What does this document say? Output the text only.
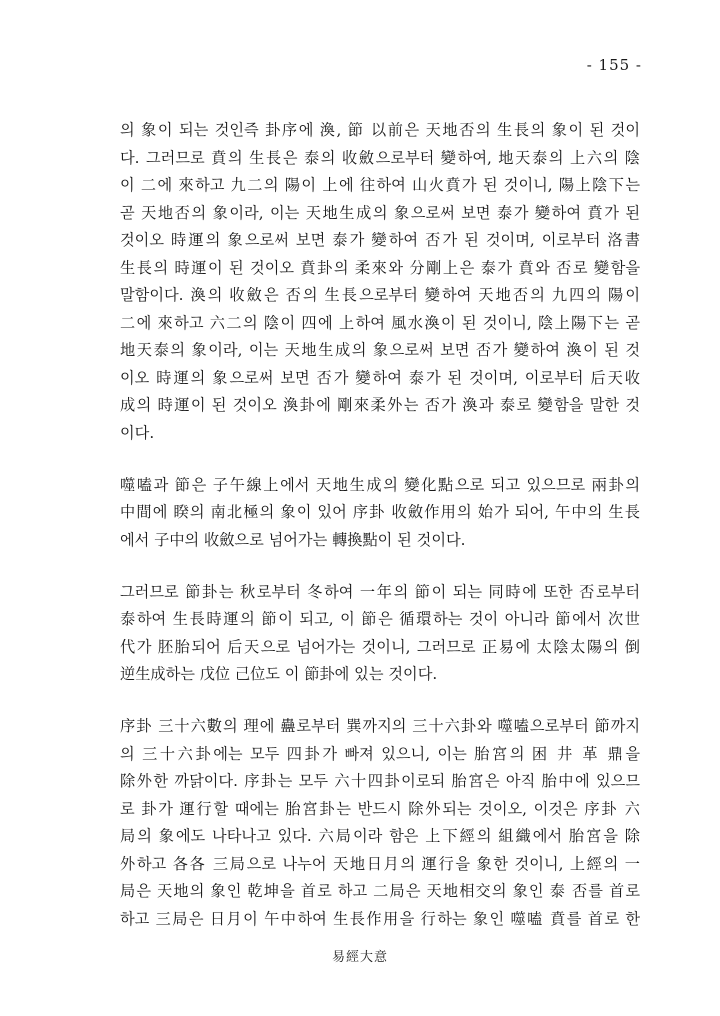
- 155 -
의 象이 되는 것인즉 卦序에 渙, 節 以前은 天地否의 生長의 象이 된 것이
다. 그러므로 賁의 生長은 泰의 收斂으로부터 變하여, 地天泰의 上六의 陰
이 二에 來하고 九二의 陽이 上에 往하여 山火賁가 된 것이니, 陽上陰下는
곧 天地否의 象이라, 이는 天地生成의 象으로써 보면 泰가 變하여 賁가 된
것이오 時運의 象으로써 보면 泰가 變하여 否가 된 것이며, 이로부터 洛書
生長의 時運이 된 것이오 賁卦의 柔來와 分剛上은 泰가 賁와 否로 變함을
말함이다. 渙의 收斂은 否의 生長으로부터 變하여 天地否의 九四의 陽이
二에 來하고 六二의 陰이 四에 上하여 風水渙이 된 것이니, 陰上陽下는 곧
地天泰의 象이라, 이는 天地生成의 象으로써 보면 否가 變하여 渙이 된 것
이오 時運의 象으로써 보면 否가 變하여 泰가 된 것이며, 이로부터 后天收
成의 時運이 된 것이오 渙卦에 剛來柔外는 否가 渙과 泰로 變함을 말한 것
이다.
噬嗑과 節은 子午線上에서 天地生成의 變化點으로 되고 있으므로 兩卦의
中間에 睽의 南北極의 象이 있어 序卦 收斂作用의 始가 되어, 午中의 生長
에서 子中의 收斂으로 넘어가는 轉換點이 된 것이다.
그러므로 節卦는 秋로부터 冬하여 一年의 節이 되는 同時에 또한 否로부터
泰하여 生長時運의 節이 되고, 이 節은 循環하는 것이 아니라 節에서 次世
代가 胚胎되어 后天으로 넘어가는 것이니, 그러므로 正易에 太陰太陽의 倒
逆生成하는 戊位 己位도 이 節卦에 있는 것이다.
序卦 三十六數의 理에 蠱로부터 巽까지의 三十六卦와 噬嗑으로부터 節까지
의 三十六卦에는 모두 四卦가 빠져 있으니, 이는 胎宮의 困 井 革 鼎을
除外한 까닭이다. 序卦는 모두 六十四卦이로되 胎宮은 아직 胎中에 있으므
로 卦가 運行할 때에는 胎宮卦는 반드시 除外되는 것이오, 이것은 序卦 六
局의 象에도 나타나고 있다. 六局이라 함은 上下經의 組織에서 胎宮을 除
外하고 各各 三局으로 나누어 天地日月의 運行을 象한 것이니, 上經의 一
局은 天地의 象인 乾坤을 首로 하고 二局은 天地相交의 象인 泰 否를 首로
하고 三局은 日月이 午中하여 生長作用을 行하는 象인 噬嗑 賁를 首로 한
易經大意
